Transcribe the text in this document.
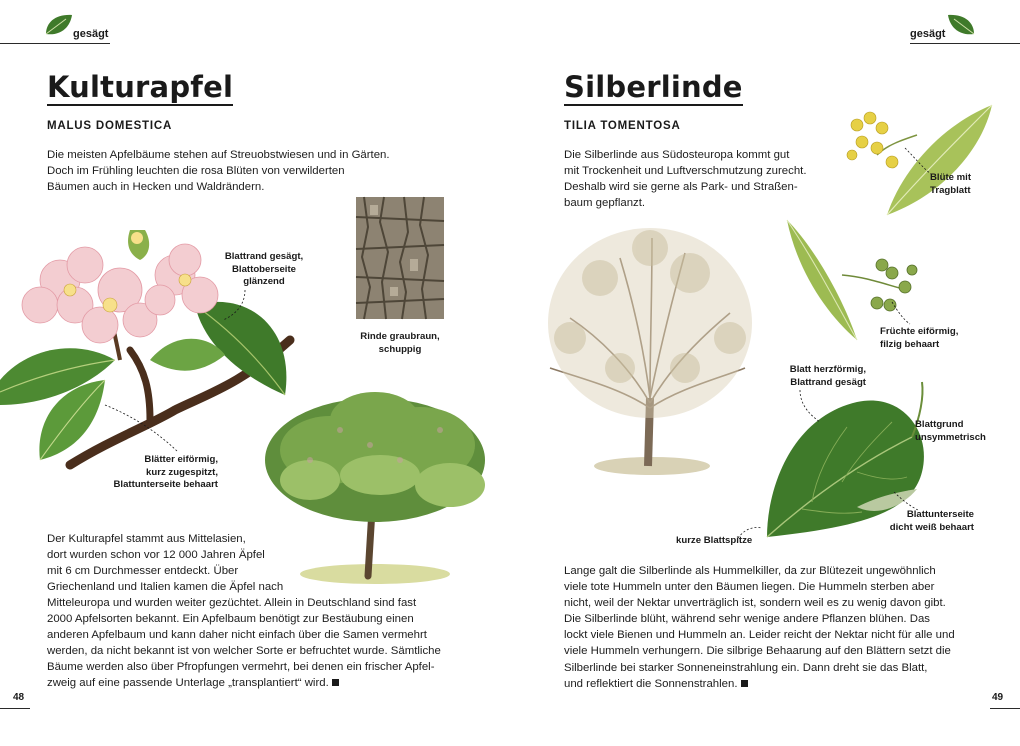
gesägt
Kulturapfel
MALUS DOMESTICA
Die meisten Apfelbäume stehen auf Streuobstwiesen und in Gärten.
Doch im Frühling leuchten die rosa Blüten von verwilderten
Bäumen auch in Hecken und Waldrändern.
Blattrand gesägt,
Blattoberseite
glänzend
Rinde graubraun,
schuppig
Blätter eiförmig,
kurz zugespitzt,
Blattunterseite behaart
Der Kulturapfel stammt aus Mittelasien,
dort wurden schon vor 12 000 Jahren Äpfel
mit 6 cm Durchmesser entdeckt. Über
Griechenland und Italien kamen die Äpfel nach
Mitteleuropa und wurden weiter gezüchtet. Allein in Deutschland sind fast
2000 Apfelsorten bekannt. Ein Apfelbaum benötigt zur Bestäubung einen
anderen Apfelbaum und kann daher nicht einfach über die Samen vermehrt
werden, da nicht bekannt ist von welcher Sorte er befruchtet wurde. Sämtliche
Bäume werden also über Pfropfungen vermehrt, bei denen ein frischer Apfel-
zweig auf eine passende Unterlage „transplantiert“ wird.
48
gesägt
Silberlinde
TILIA TOMENTOSA
Die Silberlinde aus Südosteuropa kommt gut
mit Trockenheit und Luftverschmutzung zurecht.
Deshalb wird sie gerne als Park- und Straßen-
baum gepflanzt.
Blüte mit
Tragblatt
Früchte eiförmig,
filzig behaart
Blatt herzförmig,
Blattrand gesägt
Blattgrund
unsymmetrisch
Blattunterseite
dicht weiß behaart
kurze Blattspitze
Lange galt die Silberlinde als Hummelkiller, da zur Blütezeit ungewöhnlich
viele tote Hummeln unter den Bäumen liegen. Die Hummeln sterben aber
nicht, weil der Nektar unverträglich ist, sondern weil es zu wenig davon gibt.
Die Silberlinde blüht, während sehr wenige andere Pflanzen blühen. Das
lockt viele Bienen und Hummeln an. Leider reicht der Nektar nicht für alle und
viele Hummeln verhungern. Die silbrige Behaarung auf den Blättern setzt die
Silberlinde bei starker Sonneneinstrahlung ein. Dann dreht sie das Blatt,
und reflektiert die Sonnenstrahlen.
49
